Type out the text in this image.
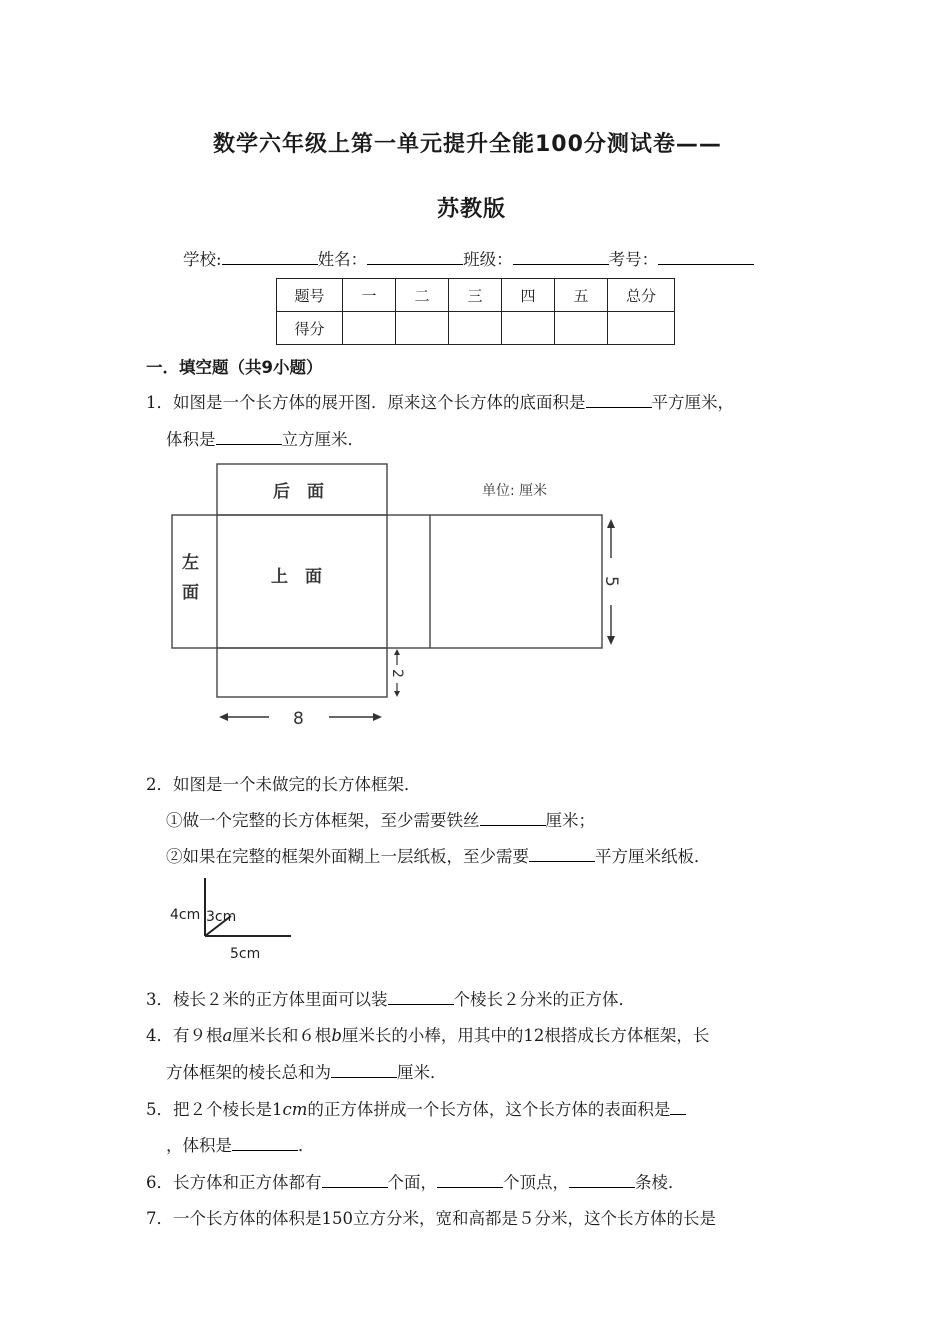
数学六年级上第一单元提升全能100分测试卷——
苏教版
学校:	姓名：	班级：	考号：
题号	一	二	三	四	五	总分
得分						
一．填空题（共9小题）
1．如图是一个长方体的展开图．原来这个长方体的底面积是	平方厘米，
体积是	立方厘米．
后　面
上　面
左
面
单位: 厘米
8
5
2
2．如图是一个未做完的长方体框架．
①做一个完整的长方体框架，至少需要铁丝	厘米；
②如果在完整的框架外面糊上一层纸板，至少需要	平方厘米纸板．
4cm 3cm
5cm
3．棱长２米的正方体里面可以装	个棱长２分米的正方体．
4．有９根a厘米长和６根b厘米长的小棒，用其中的12根搭成长方体框架，长
方体框架的棱长总和为	厘米．
5．把２个棱长是1cm的正方体拼成一个长方体，这个长方体的表面积是
，体积是	．
6．长方体和正方体都有	个面，	个顶点，	条棱．
7．一个长方体的体积是150立方分米，宽和高都是５分米，这个长方体的长是
